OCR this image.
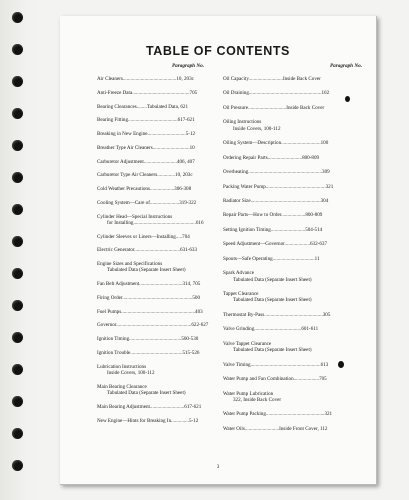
TABLE OF CONTENTS
Paragraph No.	Paragraph No.
Air Cleaners..........................................10, 203c
Anti-Freeze Data.............................................705
Bearing Clearances........Tabulated Data, 621
Bearing Fitting.......................................617-621
Breaking in New Engine..............................5-12
Breather Type Air Cleaners.............................10
Carburetor Adjustment..........................406, 407
Carburetor Type Air Cleaners..............10, 203c
Cold Weather Precautions...................306-308
Cooling System—Care of.......................319-322
Cylinder Head—Special Instructions
for Installing.................................................616
Cylinder Sleeves or Liners—Installing.....704
Electric Generator....................................631-633
Engine Sizes and Specifications
Tabulated Data (Separate Insert Sheet)
Fan Belt Adjustment..................................314, 705
Firing Order.......................................................500
Fuel Pumps..........................................................403
Governor...........................................................622-627
Ignition Timing.........................................500-530
Ignition Trouble.........................................515-526
Lubrication Instructions
Inside Covers, 100-112
Main Bearing Clearance
Tabulated Data (Separate Insert Sheet)
Main Bearing Adjustment...........................617-621
New Engine—Hints for Breaking In..............5-12
Oil Capacity...........................Inside Back Cover
Oil Draining.........................................................102
Oil Pressure..............................Inside Back Cover
Oiling Instructions
Inside Covers, 100-112
Oiling System—Description...............................100
Ordering Repair Parts...........................800-809
Overheating..........................................................309
Packing Water Pump...............................................321
Radiator Size.......................................................304
Repair Parts—How to Order...................800-809
Setting Ignition Timing...........................504-514
Speed Adjustment—Governor....................632-637
Spouts—Safe Operating.................................11
Spark Advance
Tabulated Data (Separate Insert Sheet)
Tappet Clearance
Tabulated Data (Separate Insert Sheet)
Thermostat By-Pass..............................................305
Valve Grinding.....................................601-611
Valve Tappet Clearance
Tabulated Data (Separate Insert Sheet)
Valve Timing.......................................................613
Water Pump and Fan Combination....................705
Water Pump Lubrication
322, Inside Back Cover
Water Pump Packing..............................................321
Water Oils...........................Inside Front Cover, 112
3
